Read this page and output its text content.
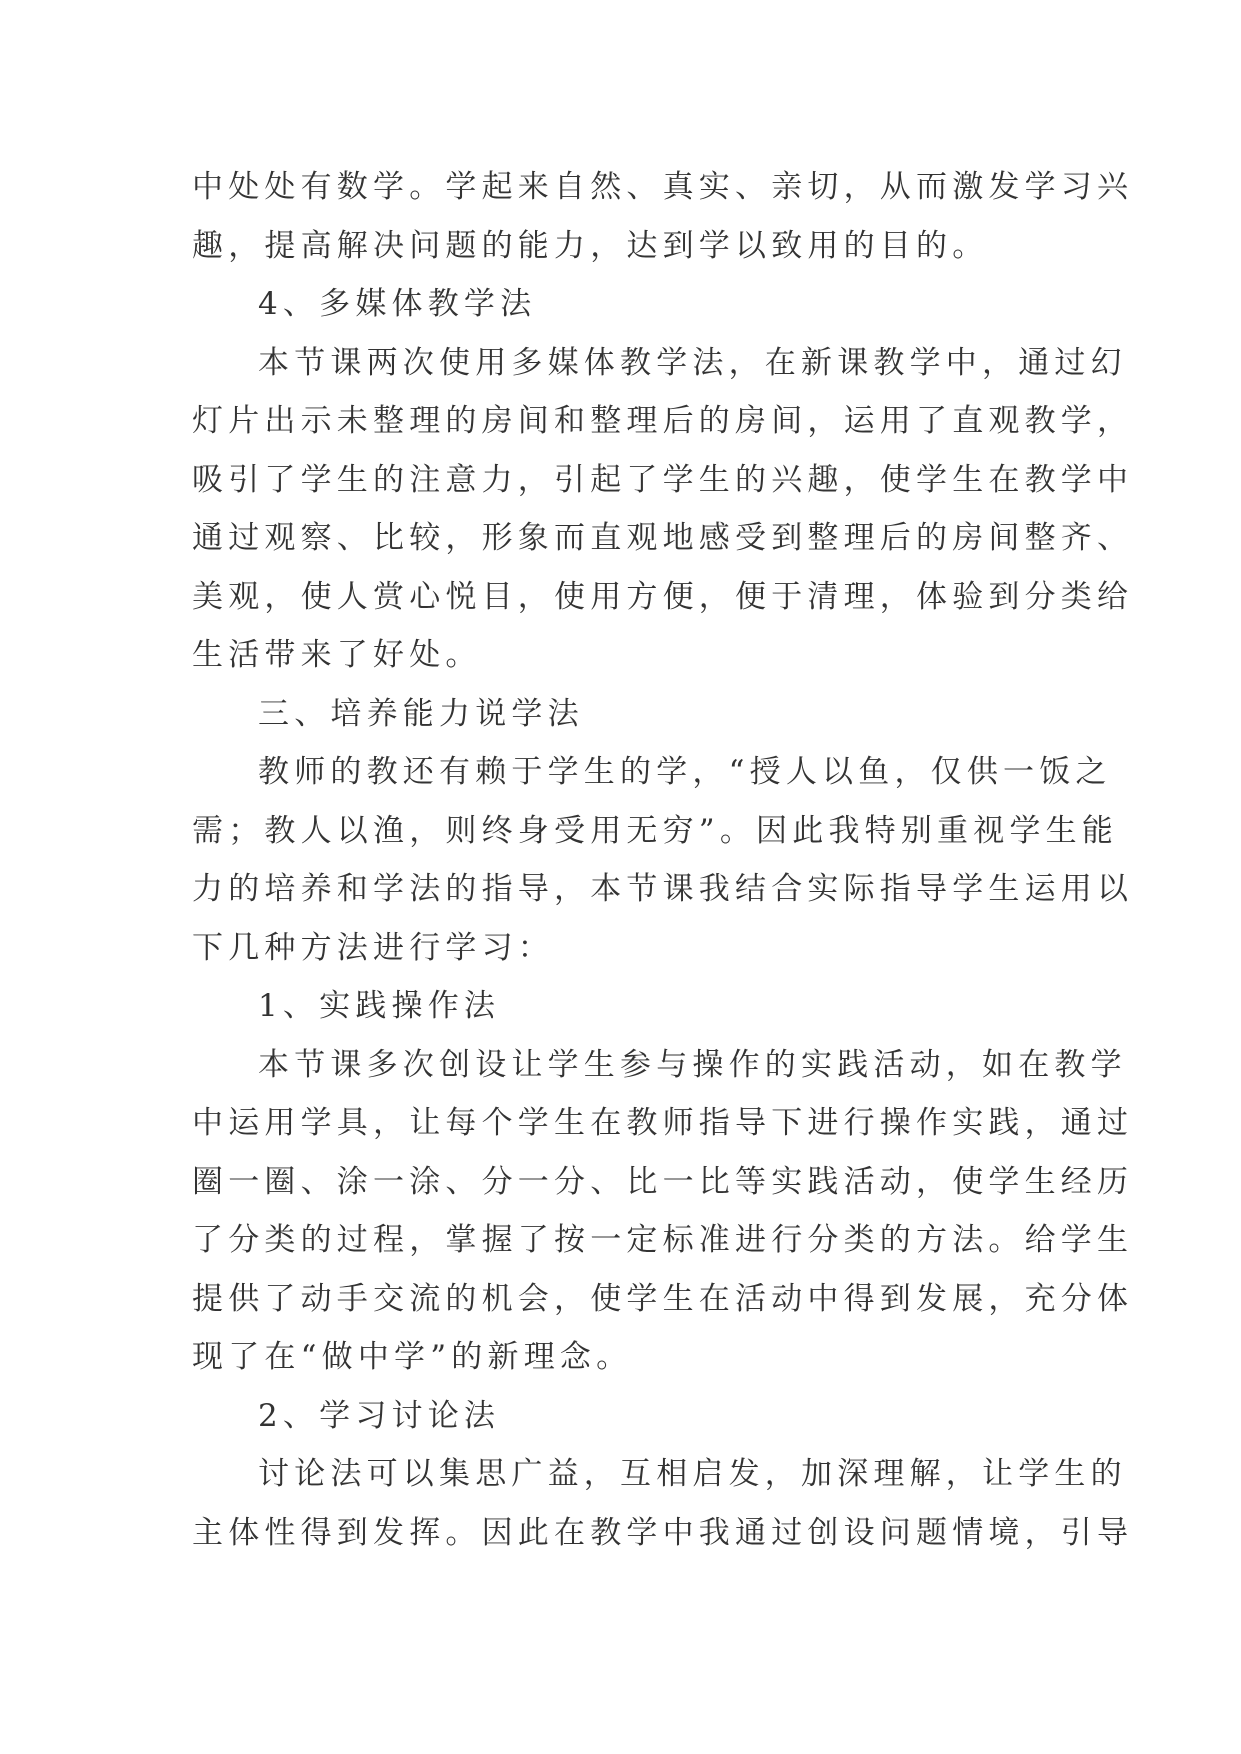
中处处有数学。学起来自然、真实、亲切，从而激发学习兴
趣，提高解决问题的能力，达到学以致用的目的。
4、多媒体教学法
本节课两次使用多媒体教学法，在新课教学中，通过幻
灯片出示未整理的房间和整理后的房间，运用了直观教学，
吸引了学生的注意力，引起了学生的兴趣，使学生在教学中
通过观察、比较，形象而直观地感受到整理后的房间整齐、
美观，使人赏心悦目，使用方便，便于清理，体验到分类给
生活带来了好处。
三、培养能力说学法
教师的教还有赖于学生的学，“授人以鱼，仅供一饭之
需；教人以渔，则终身受用无穷”。因此我特别重视学生能
力的培养和学法的指导，本节课我结合实际指导学生运用以
下几种方法进行学习：
1、实践操作法
本节课多次创设让学生参与操作的实践活动，如在教学
中运用学具，让每个学生在教师指导下进行操作实践，通过
圈一圈、涂一涂、分一分、比一比等实践活动，使学生经历
了分类的过程，掌握了按一定标准进行分类的方法。给学生
提供了动手交流的机会，使学生在活动中得到发展，充分体
现了在“做中学”的新理念。
2、学习讨论法
讨论法可以集思广益，互相启发，加深理解，让学生的
主体性得到发挥。因此在教学中我通过创设问题情境，引导
